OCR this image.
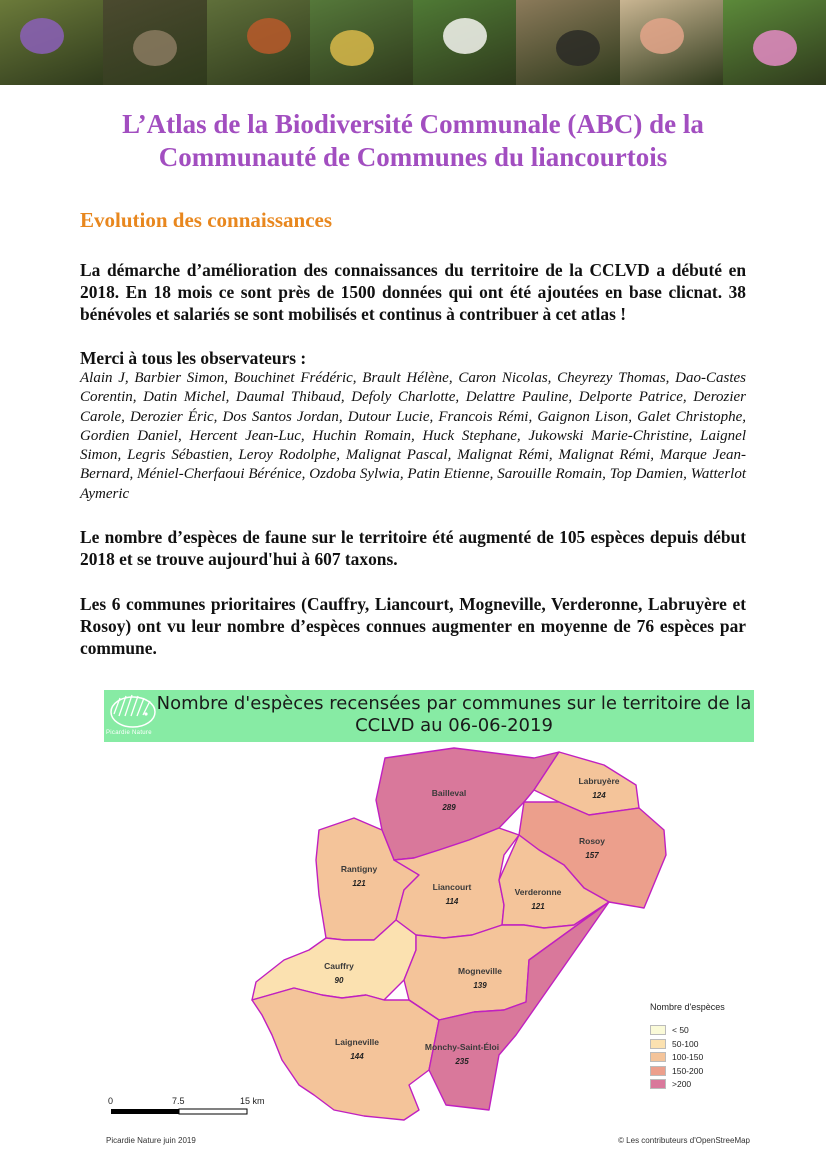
L’Atlas de la Biodiversité Communale (ABC) de la Communauté de Communes du liancourtois
Evolution des connaissances
La démarche d’amélioration des connaissances du territoire de la CCLVD a débuté en 2018. En 18 mois ce sont près de 1500 données qui ont été ajoutées en base clicnat. 38 bénévoles et salariés se sont mobilisés et continus à contribuer à cet atlas !
Merci à tous les observateurs :
Alain J, Barbier Simon, Bouchinet Frédéric, Brault Hélène, Caron Nicolas, Cheyrezy Thomas, Dao-Castes Corentin, Datin Michel, Daumal Thibaud, Defoly Charlotte, Delattre Pauline, Delporte Patrice, Derozier Carole, Derozier Éric, Dos Santos Jordan, Dutour Lucie, Francois Rémi, Gaignon Lison, Galet Christophe, Gordien Daniel, Hercent Jean-Luc, Huchin Romain, Huck Stephane, Jukowski Marie-Christine, Laignel Simon, Legris Sébastien, Leroy Rodolphe, Malignat Pascal, Malignat Rémi, Malignat Rémi, Marque Jean-Bernard, Méniel-Cherfaoui Bérénice, Ozdoba Sylwia, Patin Etienne, Sarouille Romain, Top Damien, Watterlot Aymeric
Le nombre d’espèces de faune sur le territoire été augmenté de 105 espèces depuis début 2018 et se trouve aujourd'hui à 607 taxons.
Les 6 communes prioritaires (Cauffry, Liancourt, Mogneville, Verderonne, Labruyère et Rosoy) ont vu leur nombre d’espèces connues augmenter en moyenne de 76 espèces par commune.
Bailleval
289
Labruyère
124
Rosoy
157
Rantigny
121	Liancourt
114
Verderonne
121
Cauffry
90
Mogneville
139
Laigneville
144
Monchy-Saint-Éloi
235
Picardie Nature
Nombre d'espèces recensées par communes sur le territoire de la CCLVD au 06-06-2019
Nombre d'espèces
< 50
50-100
100-150
150-200
>200
0	7.5	15 km
Picardie Nature juin 2019	© Les contributeurs d'OpenStreeMap
